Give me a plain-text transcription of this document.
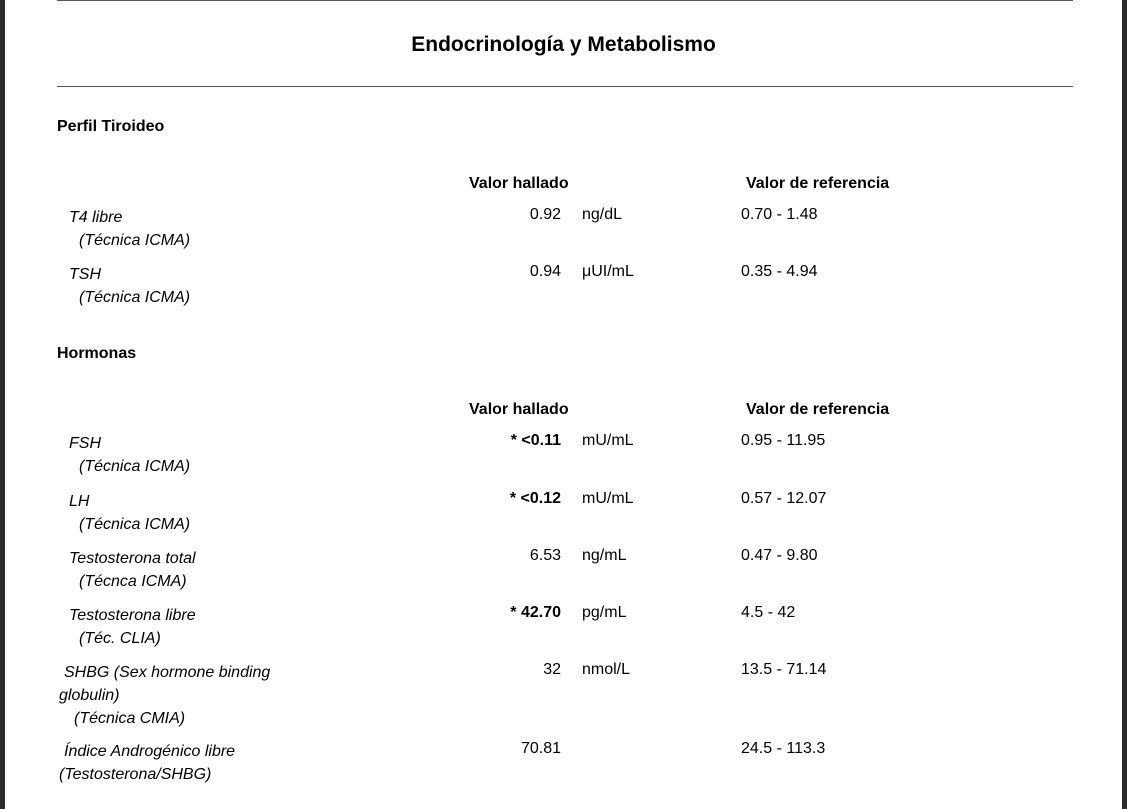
Endocrinología y Metabolismo
Perfil Tiroideo
Valor hallado	Valor de referencia
T4 libre
(Técnica ICMA)
0.92 ng/dL	0.70 - 1.48
TSH
(Técnica ICMA)
0.94 μUI/mL	0.35 - 4.94
Hormonas
Valor hallado	Valor de referencia
FSH
(Técnica ICMA)
* <0.11 mU/mL	0.95 - 11.95
LH
(Técnica ICMA)
* <0.12 mU/mL	0.57 - 12.07
Testosterona total
(Técnca ICMA)
6.53 ng/mL	0.47 - 9.80
Testosterona libre
(Téc. CLIA)
* 42.70 pg/mL	4.5 - 42
SHBG (Sex hormone binding
globulin)
(Técnica CMIA)
32 nmol/L	13.5 - 71.14
Índice Androgénico libre
(Testosterona/SHBG)
70.81	24.5 - 113.3
